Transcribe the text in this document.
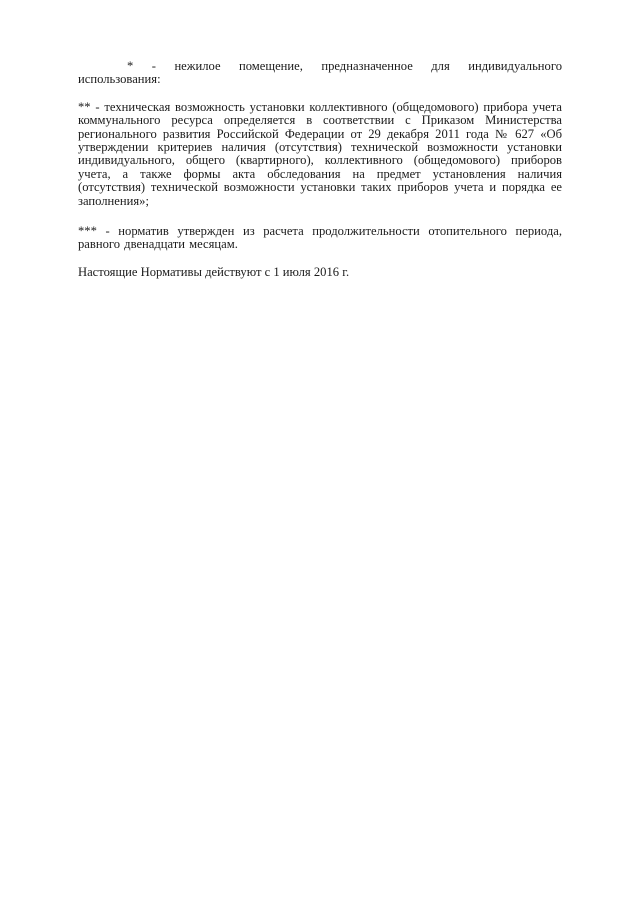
* - нежилое помещение, предназначенное для индивидуального использования:

** - техническая возможность установки коллективного (общедомового) прибора учета коммунального ресурса определяется в соответствии с Приказом Министерства регионального развития Российской Федерации от 29 декабря 2011 года № 627 «Об утверждении критериев наличия (отсутствия) технической возможности установки индивидуального, общего (квартирного), коллективного (общедомового) приборов учета, а также формы акта обследования на предмет установления наличия (отсутствия) технической возможности установки таких приборов учета и порядка ее заполнения»;

*** - норматив утвержден из расчета продолжительности отопительного периода, равного двенадцати месяцам.

Настоящие Нормативы действуют с 1 июля 2016 г.
